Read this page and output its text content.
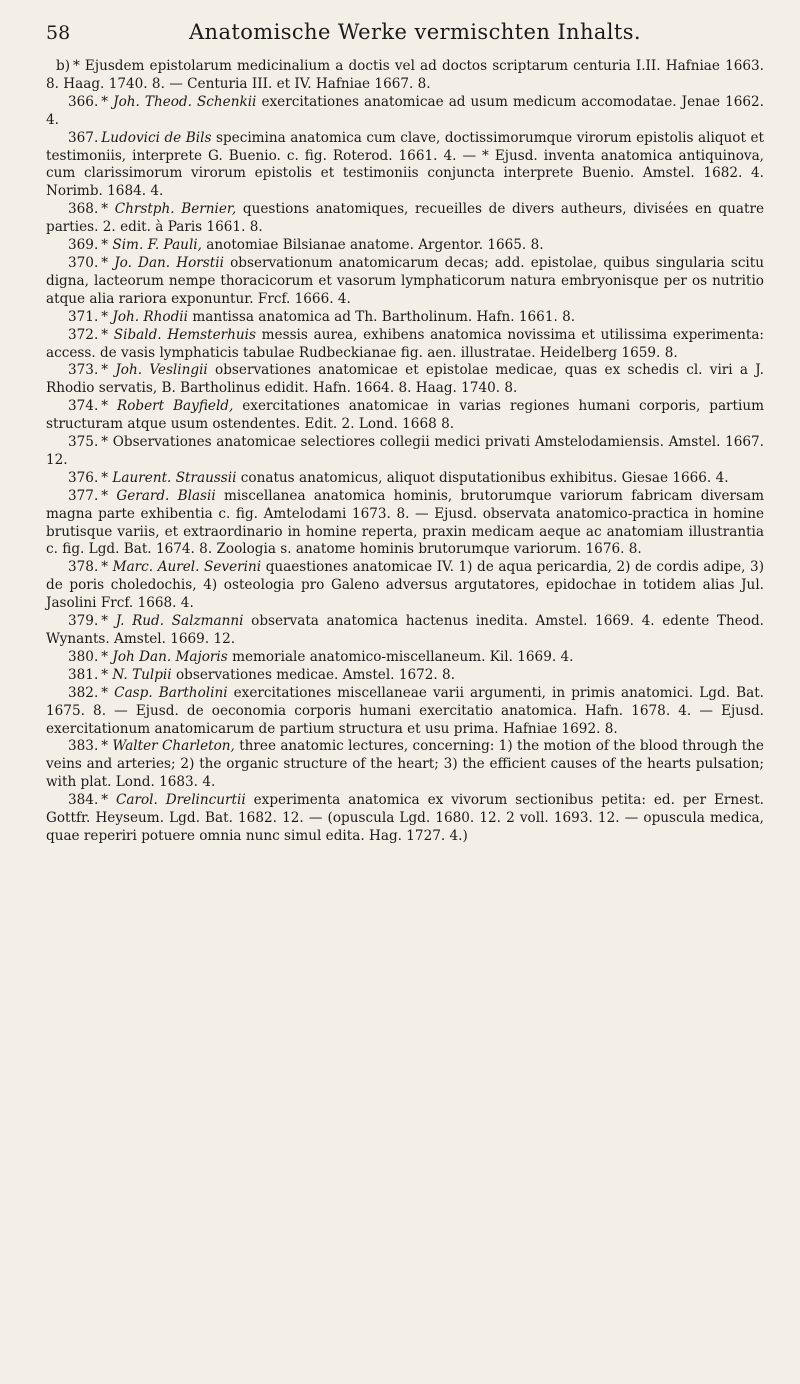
58	Anatomische Werke vermischten Inhalts.

b) * Ejusdem epistolarum medicinalium a doctis vel ad doctos scriptarum centuria I.II. Hafniae 1663. 8. Haag. 1740. 8. — Centuria III. et IV. Hafniae 1667. 8.

366. * Joh. Theod. Schenkii exercitationes anatomicae ad usum medicum accomodatae. Jenae 1662. 4.

367. Ludovici de Bils specimina anatomica cum clave, doctissimorumque virorum epistolis aliquot et testimoniis, interprete G. Buenio. c. fig. Roterod. 1661. 4. — * Ejusd. inventa anatomica antiquinova, cum clarissimorum virorum epistolis et testimoniis conjuncta interprete Buenio. Amstel. 1682. 4. Norimb. 1684. 4.

368. * Chrstph. Bernier, questions anatomiques, recueilles de divers autheurs, divisées en quatre parties. 2. edit. à Paris 1661. 8.

369. * Sim. F. Pauli, anotomiae Bilsianae anatome. Argentor. 1665. 8.

370. * Jo. Dan. Horstii observationum anatomicarum decas; add. epistolae, quibus singularia scitu digna, lacteorum nempe thoracicorum et vasorum lymphaticorum natura embryonisque per os nutritio atque alia rariora exponuntur. Frcf. 1666. 4.

371. * Joh. Rhodii mantissa anatomica ad Th. Bartholinum. Hafn. 1661. 8.

372. * Sibald. Hemsterhuis messis aurea, exhibens anatomica novissima et utilissima experimenta: access. de vasis lymphaticis tabulae Rudbeckianae fig. aen. illustratae. Heidelberg 1659. 8.

373. * Joh. Veslingii observationes anatomicae et epistolae medicae, quas ex schedis cl. viri a J. Rhodio servatis, B. Bartholinus edidit. Hafn. 1664. 8. Haag. 1740. 8.

374. * Robert Bayfield, exercitationes anatomicae in varias regiones humani corporis, partium structuram atque usum ostendentes. Edit. 2. Lond. 1668 8.

375. * Observationes anatomicae selectiores collegii medici privati Amstelodamiensis. Amstel. 1667. 12.

376. * Laurent. Straussii conatus anatomicus, aliquot disputationibus exhibitus. Giesae 1666. 4.

377. * Gerard. Blasii miscellanea anatomica hominis, brutorumque variorum fabricam diversam magna parte exhibentia c. fig. Amtelodami 1673. 8. — Ejusd. observata anatomico-practica in homine brutisque variis, et extraordinario in homine reperta, praxin medicam aeque ac anatomiam illustrantia c. fig. Lgd. Bat. 1674. 8. Zoologia s. anatome hominis brutorumque variorum. 1676. 8.

378. * Marc. Aurel. Severini quaestiones anatomicae IV. 1) de aqua pericardia, 2) de cordis adipe, 3) de poris choledochis, 4) osteologia pro Galeno adversus argutatores, epidochae in totidem alias Jul. Jasolini Frcf. 1668. 4.

379. * J. Rud. Salzmanni observata anatomica hactenus inedita. Amstel. 1669. 4. edente Theod. Wynants. Amstel. 1669. 12.

380. * Joh Dan. Majoris memoriale anatomico-miscellaneum. Kil. 1669. 4.

381. * N. Tulpii observationes medicae. Amstel. 1672. 8.

382. * Casp. Bartholini exercitationes miscellaneae varii argumenti, in primis anatomici. Lgd. Bat. 1675. 8. — Ejusd. de oeconomia corporis humani exercitatio anatomica. Hafn. 1678. 4. — Ejusd. exercitationum anatomicarum de partium structura et usu prima. Hafniae 1692. 8.

383. * Walter Charleton, three anatomic lectures, concerning: 1) the motion of the blood through the veins and arteries; 2) the organic structure of the heart; 3) the efficient causes of the hearts pulsation; with plat. Lond. 1683. 4.

384. * Carol. Drelincurtii experimenta anatomica ex vivorum sectionibus petita: ed. per Ernest. Gottfr. Heyseum. Lgd. Bat. 1682. 12. — (opuscula Lgd. 1680. 12. 2 voll. 1693. 12. — opuscula medica, quae reperiri potuere omnia nunc simul edita. Hag. 1727. 4.)
